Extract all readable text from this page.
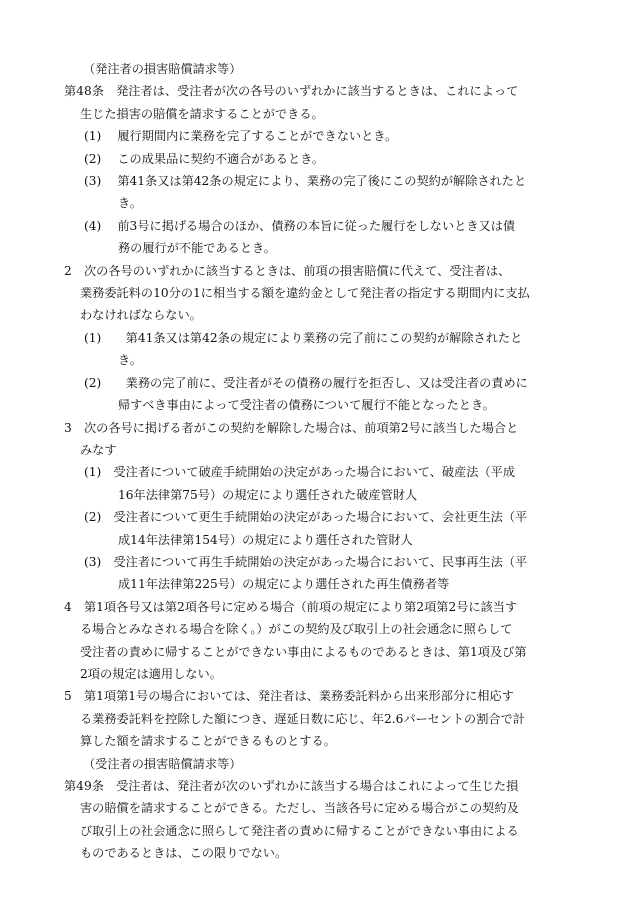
（発注者の損害賠償請求等）
第48条　発注者は、受注者が次の各号のいずれかに該当するときは、これによって
生じた損害の賠償を請求することができる。
(1)　 履行期間内に業務を完了することができないとき。
(2)　 この成果品に契約不適合があるとき。
(3)　 第41条又は第42条の規定により、業務の完了後にこの契約が解除されたと
き。
(4)　 前3号に掲げる場合のほか、債務の本旨に従った履行をしないとき又は債
務の履行が不能であるとき。
2　次の各号のいずれかに該当するときは、前項の損害賠償に代えて、受注者は、
業務委託料の10分の1に相当する額を違約金として発注者の指定する期間内に支払
わなければならない。
(1)　　第41条又は第42条の規定により業務の完了前にこの契約が解除されたと
き。
(2)　　業務の完了前に、受注者がその債務の履行を拒否し、又は受注者の責めに
帰すべき事由によって受注者の債務について履行不能となったとき。
3　次の各号に掲げる者がこの契約を解除した場合は、前項第2号に該当した場合と
みなす
(1)　受注者について破産手続開始の決定があった場合において、破産法（平成
16年法律第75号）の規定により選任された破産管財人
(2)　受注者について更生手続開始の決定があった場合において、会社更生法（平
成14年法律第154号）の規定により選任された管財人
(3)　受注者について再生手続開始の決定があった場合において、民事再生法（平
成11年法律第225号）の規定により選任された再生債務者等
4　第1項各号又は第2項各号に定める場合（前項の規定により第2項第2号に該当す
る場合とみなされる場合を除く。）がこの契約及び取引上の社会通念に照らして
受注者の責めに帰することができない事由によるものであるときは、第1項及び第
2項の規定は適用しない。
5　第1項第1号の場合においては、発注者は、業務委託料から出来形部分に相応す
る業務委託料を控除した額につき、遅延日数に応じ、年2.6パーセントの割合で計
算した額を請求することができるものとする。
（受注者の損害賠償請求等）
第49条　受注者は、発注者が次のいずれかに該当する場合はこれによって生じた損
害の賠償を請求することができる。ただし、当該各号に定める場合がこの契約及
び取引上の社会通念に照らして発注者の責めに帰することができない事由による
ものであるときは、この限りでない。
